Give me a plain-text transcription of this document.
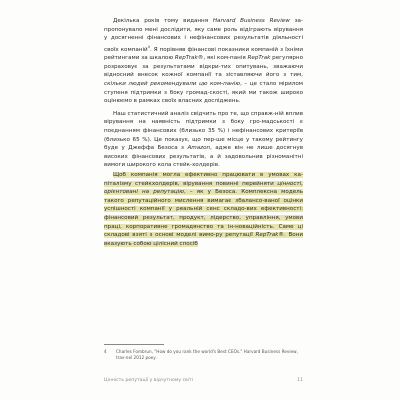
Декілька років тому видання Harvard Business Review за-пропонувало мені дослідити, яку саме роль відіграють вірування у досягненні фінансових і нефінансових результатів діяльності своїх компаній$^4$. Я порівняв фінансові показники компаній з їхніми рейтингами за шкалою RepTrak®, які ком-панія RepTrak регулярно розраховує за результатами відкри-тих опитувань, зважаючи відносний внесок кожної компанії та зіставляючи його з тим, скільки людей рекомендували цю ком-панію, – це стало мірилом ступеня підтримки з боку громад-скості, який ми також широко оцінюємо в рамках своїх власних досліджень.

Наш статистичний аналіз свідчить про те, що справж-ній вплив вірування на наявність підтримки з боку гро-мадськості є поєднанням фінансових (близько 35 %) і нефінансових критеріїв (близько 65 %). Це показує, що пер-ше місце у такому рейтингу буде у Джеффа Безоса з Amazon, адже він не лише досягнув високих фінансових результатів, а й задовольнив різноманітні вимоги широкого кола стейк-холдерів.

Щоб компанія могла ефективно працювати в умовах ка-піталізму стейкхолдерів, вірування повинні перейняти цінності, орієнтовані на репутацію, – як у Безоса. Комплексна модель такого репутаційного мислення вимагає збалансо-ваної оцінки успішності компанії у реальній сенс складо-вих ефективності: фінансовий результат, продукт, лідерство, управління, умови праці, корпоративне громадянство та ін-новаційність. Саме ці складові взяті з основі моделі вимо-ру репутації RepTrak®. Вони вказують собою цілісний спосіб

4 Charles Fombrun, "How do you rank the world's Best CEOs." Harvard Business Review, trav-nel 2012 року.
Цінність репутації у відчутному світі	11
